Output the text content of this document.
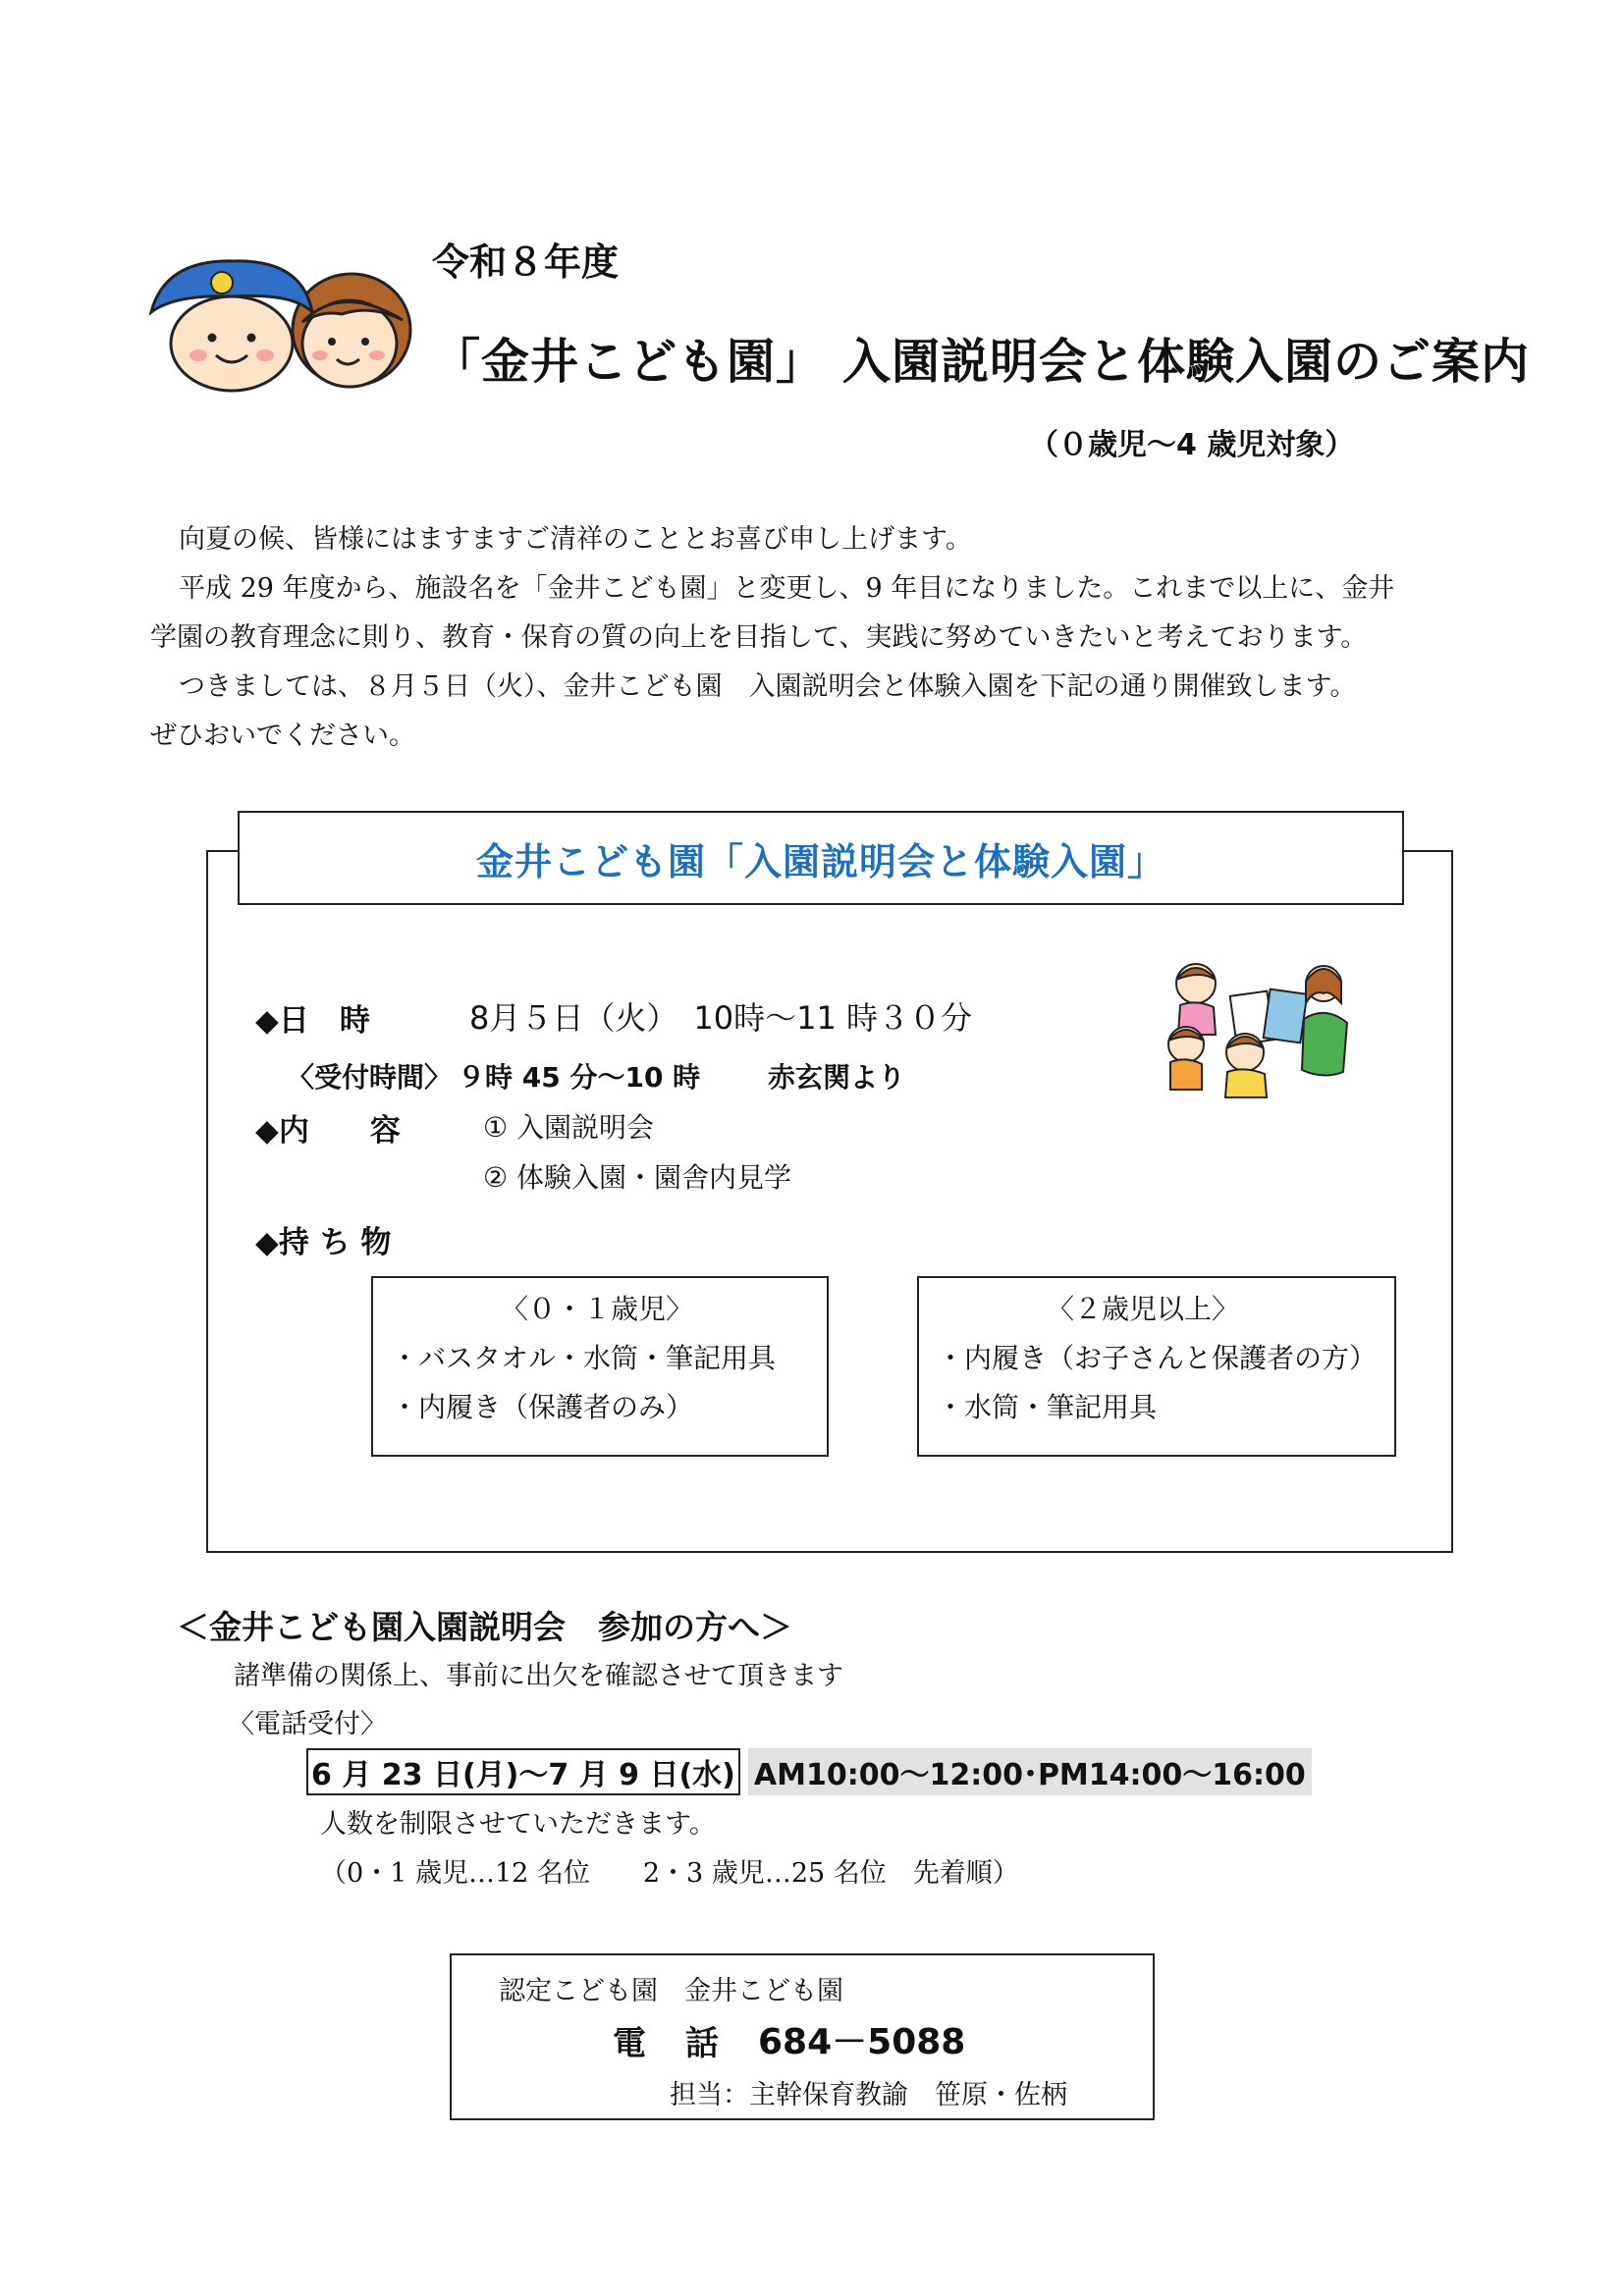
令和８年度
「金井こども園」 入園説明会と体験入園のご案内
（０歳児～4 歳児対象）
向夏の候、皆様にはますますご清祥のこととお喜び申し上げます。
平成 29 年度から、施設名を「金井こども園」と変更し、9 年目になりました。これまで以上に、金井
学園の教育理念に則り、教育・保育の質の向上を目指して、実践に努めていきたいと考えております。
つきましては、８月５日（火）、金井こども園　入園説明会と体験入園を下記の通り開催致します。
ぜひおいでください。
金井こども園「入園説明会と体験入園」
◆日　時	8月５日（火）　10時～11 時３０分
〈受付時間〉 ９時 45 分～10 時 赤玄関より
◆内　　容	① 入園説明会
② 体験入園・園舎内見学
◆持 ち 物
〈０・１歳児〉
・バスタオル・水筒・筆記用具
・内履き（保護者のみ）
〈２歳児以上〉
・内履き（お子さんと保護者の方）
・水筒・筆記用具
＜金井こども園入園説明会　参加の方へ＞
諸準備の関係上、事前に出欠を確認させて頂きます
〈電話受付〉
6 月 23 日(月)～7 月 9 日(水) AM10:00～12:00･PM14:00～16:00
人数を制限させていただきます。
（0・1 歳児…12 名位　　2・3 歳児…25 名位　先着順）
認定こども園　金井こども園
電 話 684－5088
担当：主幹保育教諭　笹原・佐柄
